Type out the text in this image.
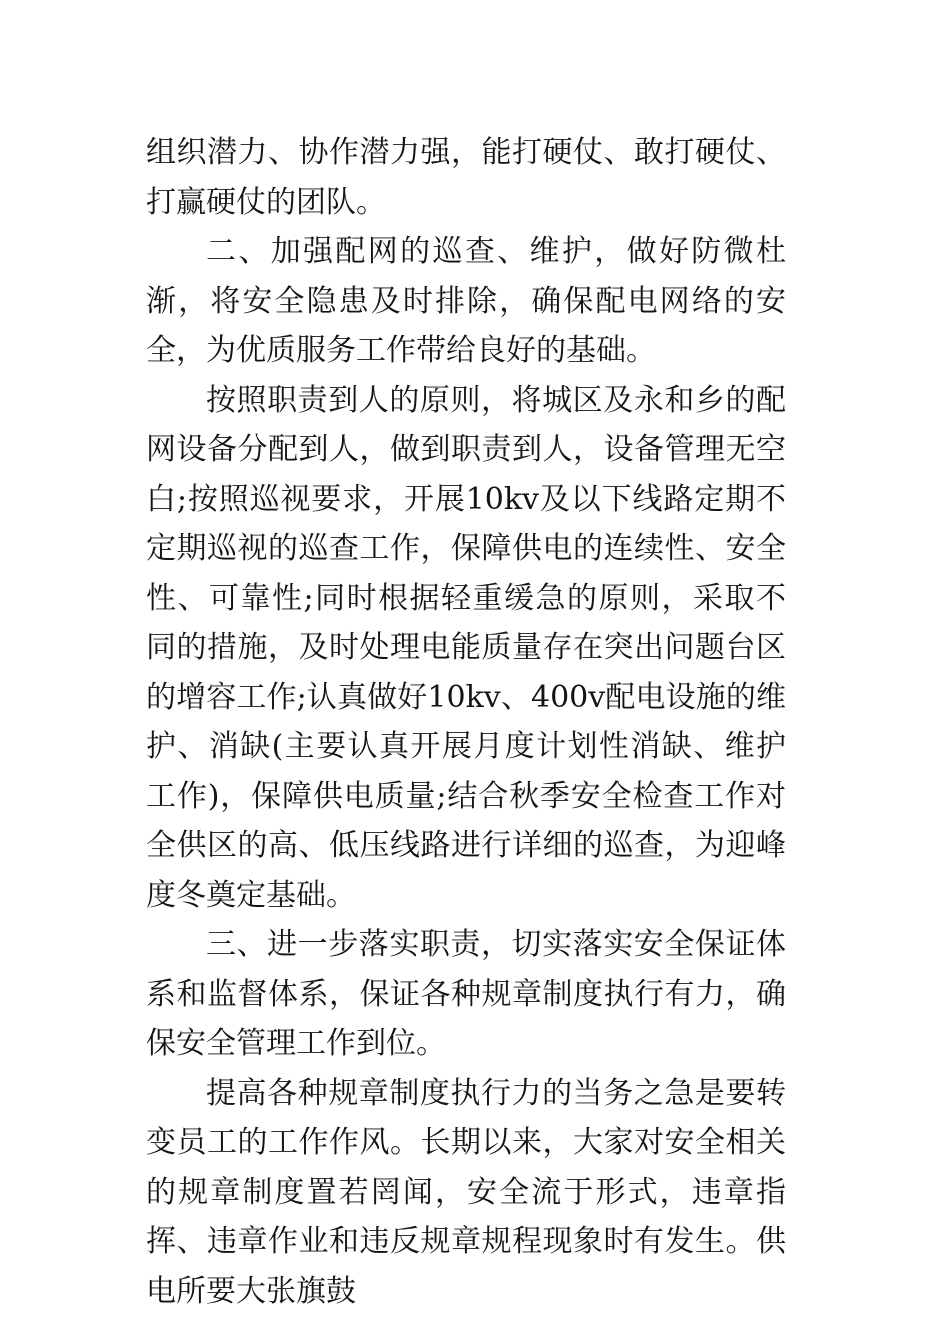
组织潜力、协作潜力强，能打硬仗、敢打硬仗、打赢硬仗的团队。

二、加强配网的巡查、维护，做好防微杜渐，将安全隐患及时排除，确保配电网络的安全，为优质服务工作带给良好的基础。

按照职责到人的原则，将城区及永和乡的配网设备分配到人，做到职责到人，设备管理无空白;按照巡视要求，开展10kv及以下线路定期不定期巡视的巡查工作，保障供电的连续性、安全性、可靠性;同时根据轻重缓急的原则，采取不同的措施，及时处理电能质量存在突出问题台区的增容工作;认真做好10kv、400v配电设施的维护、消缺(主要认真开展月度计划性消缺、维护工作)，保障供电质量;结合秋季安全检查工作对全供区的高、低压线路进行详细的巡查，为迎峰度冬奠定基础。

三、进一步落实职责，切实落实安全保证体系和监督体系，保证各种规章制度执行有力，确保安全管理工作到位。

提高各种规章制度执行力的当务之急是要转变员工的工作作风。长期以来，大家对安全相关的规章制度置若罔闻，安全流于形式，违章指挥、违章作业和违反规章规程现象时有发生。供电所要大张旗鼓
